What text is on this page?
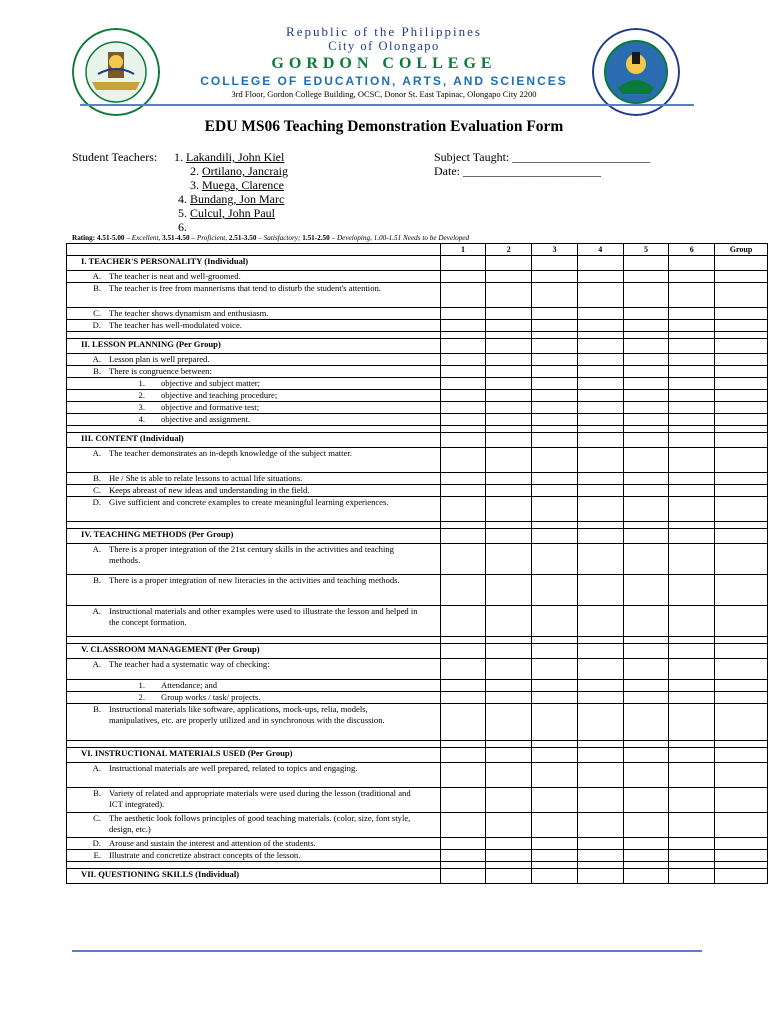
Republic of the Philippines
City of Olongapo
GORDON COLLEGE
COLLEGE OF EDUCATION, ARTS, AND SCIENCES
3rd Floor, Gordon College Building, OCSC, Donor St. East Tapinac, Olongapo City 2200
EDU MS06 Teaching Demonstration Evaluation Form
Student Teachers: 1. Lakandili, John Kiel
2. Ortilano, Jancraig
3. Muega, Clarence
4. Bundang, Jon Marc
5. Culcul, John Paul
6.
Subject Taught: _______________________
Date: _______________________
Rating: 4.51-5.00 – Excellent, 3.51-4.50 – Proficient, 2.51-3.50 – Satisfactory; 1.51-2.50 – Developing, 1.00-1.51 Needs to be Developed
	1	2	3	4	5	6	Group
I. TEACHER'S PERSONALITY (Individual)							
A. The teacher is neat and well-groomed.							
B. The teacher is free from mannerisms that tend to disturb the student's attention.							
C. The teacher shows dynamism and enthusiasm.							
D. The teacher has well-modulated voice.							

II. LESSON PLANNING (Per Group)							
A. Lesson plan is well prepared.							
B. There is congruence between:							
1. objective and subject matter;							
2. objective and teaching procedure;							
3. objective and formative test;							
4. objective and assignment.							

III. CONTENT (Individual)							
A. The teacher demonstrates an in-depth knowledge of the subject matter.							
B. He / She is able to relate lessons to actual life situations.							
C. Keeps abreast of new ideas and understanding in the field.							
D. Give sufficient and concrete examples to create meaningful learning experiences.							

IV. TEACHING METHODS (Per Group)							
A. There is a proper integration of the 21st century skills in the activities and teaching methods.							
B. There is a proper integration of new literacies in the activities and teaching methods.							
A. Instructional materials and other examples were used to illustrate the lesson and helped in the concept formation.							

V. CLASSROOM MANAGEMENT (Per Group)							
A. The teacher had a systematic way of checking:							
1. Attendance; and							
2. Group works / task/ projects.							
B. Instructional materials like software, applications, mock-ups, relia, models, manipulatives, etc. are properly utilized and in synchronous with the discussion.							

VI. INSTRUCTIONAL MATERIALS USED (Per Group)							
A. Instructional materials are well prepared, related to topics and engaging.							
B. Variety of related and appropriate materials were used during the lesson (traditional and ICT integrated).							
C. The aesthetic look follows principles of good teaching materials. (color, size, font style, design, etc.)							
D. Arouse and sustain the interest and attention of the students.							
E. Illustrate and concretize abstract concepts of the lesson.							

VII. QUESTIONING SKILLS (Individual)							
